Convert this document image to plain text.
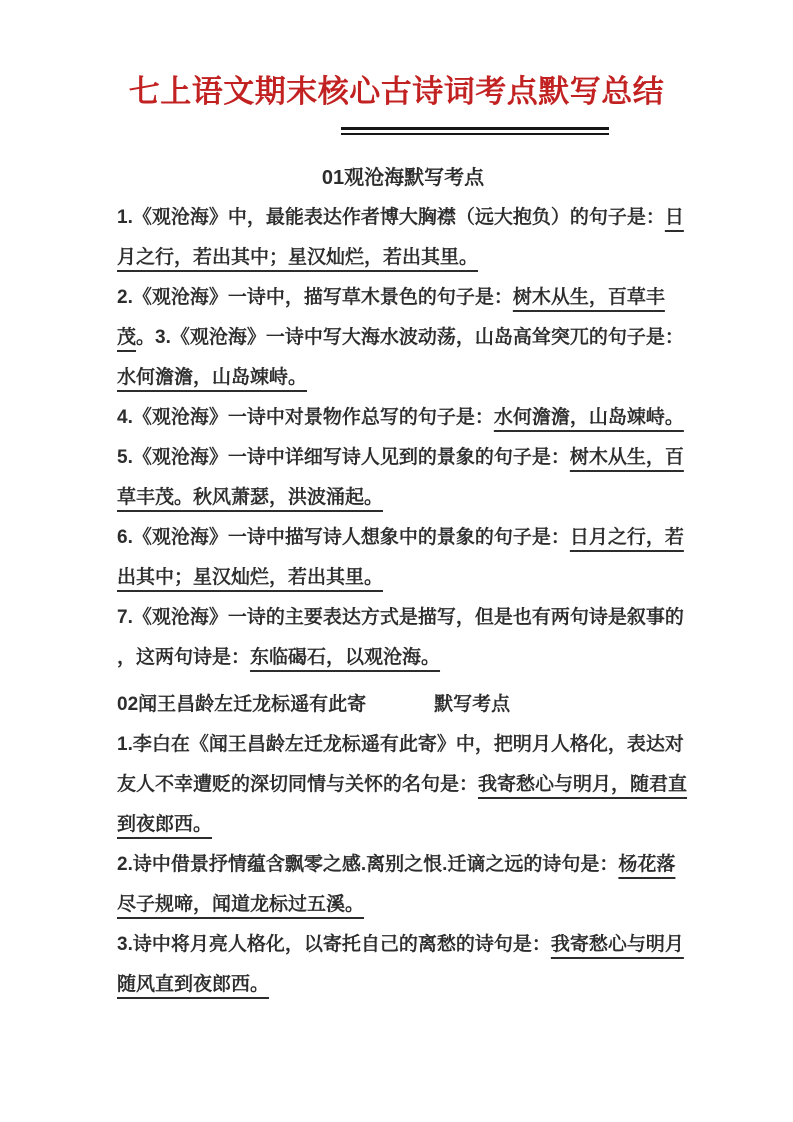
七上语文期末核心古诗词考点默写总结
01观沧海默写考点

1.《观沧海》中，最能表达作者博大胸襟（远大抱负）的句子是：日月之行，若出其中；星汉灿烂，若出其里。

2.《观沧海》一诗中，描写草木景色的句子是：树木从生，百草丰茂。3.《观沧海》一诗中写大海水波动荡，山岛高耸突兀的句子是：水何澹澹，山岛竦峙。

4.《观沧海》一诗中对景物作总写的句子是：水何澹澹，山岛竦峙。

5.《观沧海》一诗中详细写诗人见到的景象的句子是：树木从生，百草丰茂。秋风萧瑟，洪波涌起。

6.《观沧海》一诗中描写诗人想象中的景象的句子是：日月之行，若出其中；星汉灿烂，若出其里。

7.《观沧海》一诗的主要表达方式是描写，但是也有两句诗是叙事的 ，这两句诗是：东临碣石，以观沧海。

02闻王昌龄左迁龙标遥有此寄	默写考点

1.李白在《闻王昌龄左迁龙标遥有此寄》中，把明月人格化，表达对友人不幸遭贬的深切同情与关怀的名句是：我寄愁心与明月，随君直到夜郎西。

2.诗中借景抒情蕴含飘零之感.离别之恨.迁谪之远的诗句是：杨花落尽子规啼，闻道龙标过五溪。

3.诗中将月亮人格化，以寄托自己的离愁的诗句是：我寄愁心与明月随风直到夜郎西。
